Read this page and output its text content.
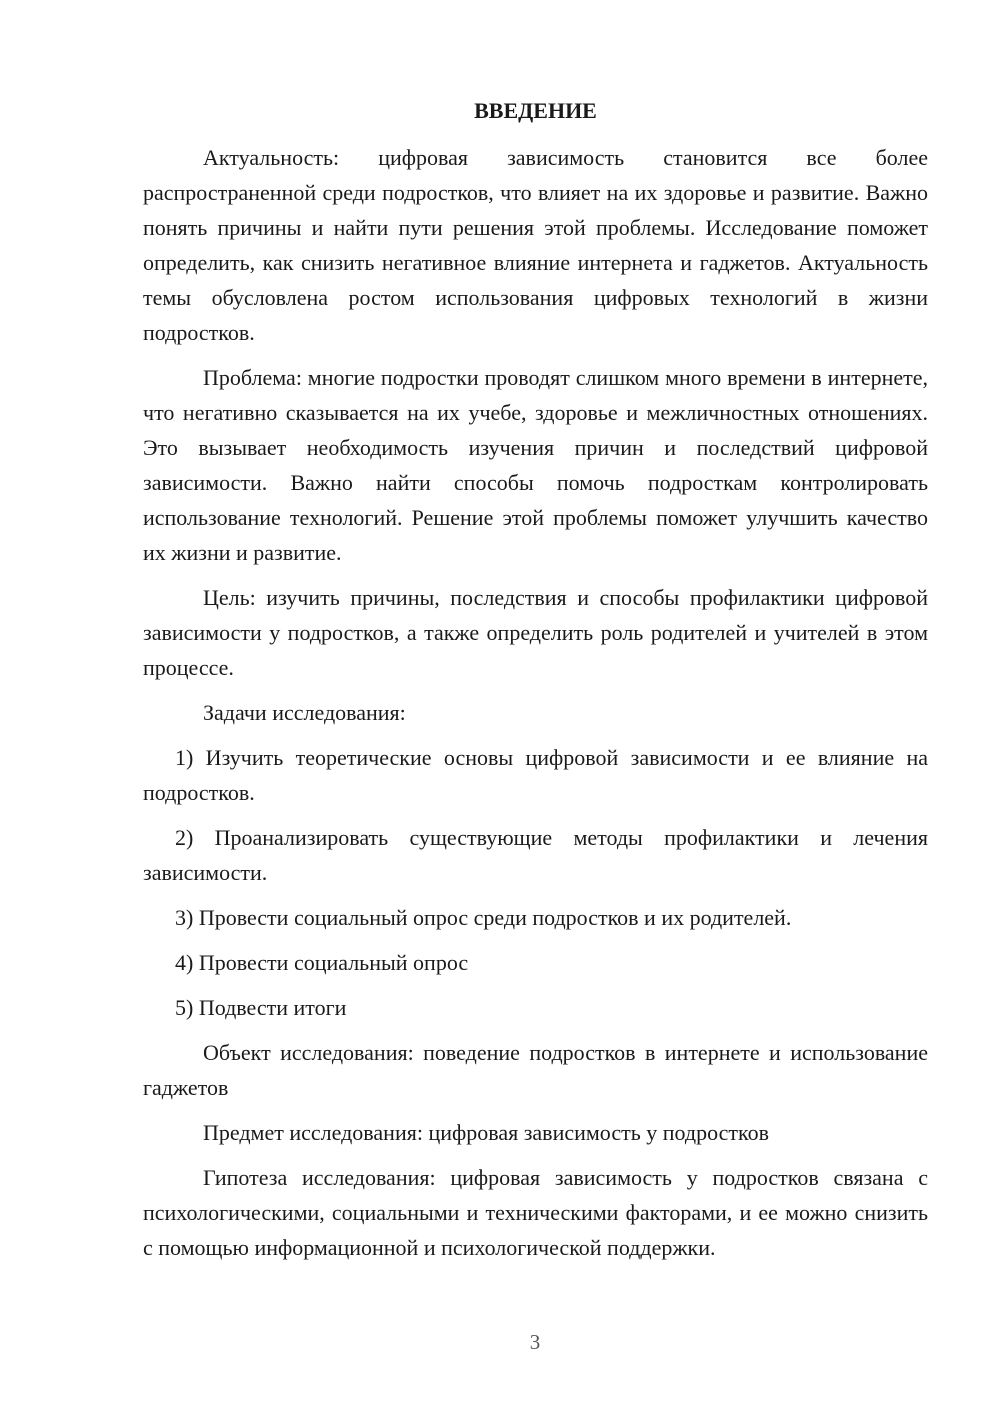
ВВЕДЕНИЕ

Актуальность: цифровая зависимость становится все более распространенной среди подростков, что влияет на их здоровье и развитие. Важно понять причины и найти пути решения этой проблемы. Исследование поможет определить, как снизить негативное влияние интернета и гаджетов. Актуальность темы обусловлена ростом использования цифровых технологий в жизни подростков.

Проблема: многие подростки проводят слишком много времени в интернете, что негативно сказывается на их учебе, здоровье и межличностных отношениях. Это вызывает необходимость изучения причин и последствий цифровой зависимости. Важно найти способы помочь подросткам контролировать использование технологий. Решение этой проблемы поможет улучшить качество их жизни и развитие.

Цель: изучить причины, последствия и способы профилактики цифровой зависимости у подростков, а также определить роль родителей и учителей в этом процессе.

Задачи исследования:

1) Изучить теоретические основы цифровой зависимости и ее влияние на подростков.

2) Проанализировать существующие методы профилактики и лечения зависимости.

3) Провести социальный опрос среди подростков и их родителей.

4) Провести социальный опрос

5) Подвести итоги

Объект исследования: поведение подростков в интернете и использование гаджетов

Предмет исследования: цифровая зависимость у подростков

Гипотеза исследования: цифровая зависимость у подростков связана с психологическими, социальными и техническими факторами, и ее можно снизить с помощью информационной и психологической поддержки.

3
